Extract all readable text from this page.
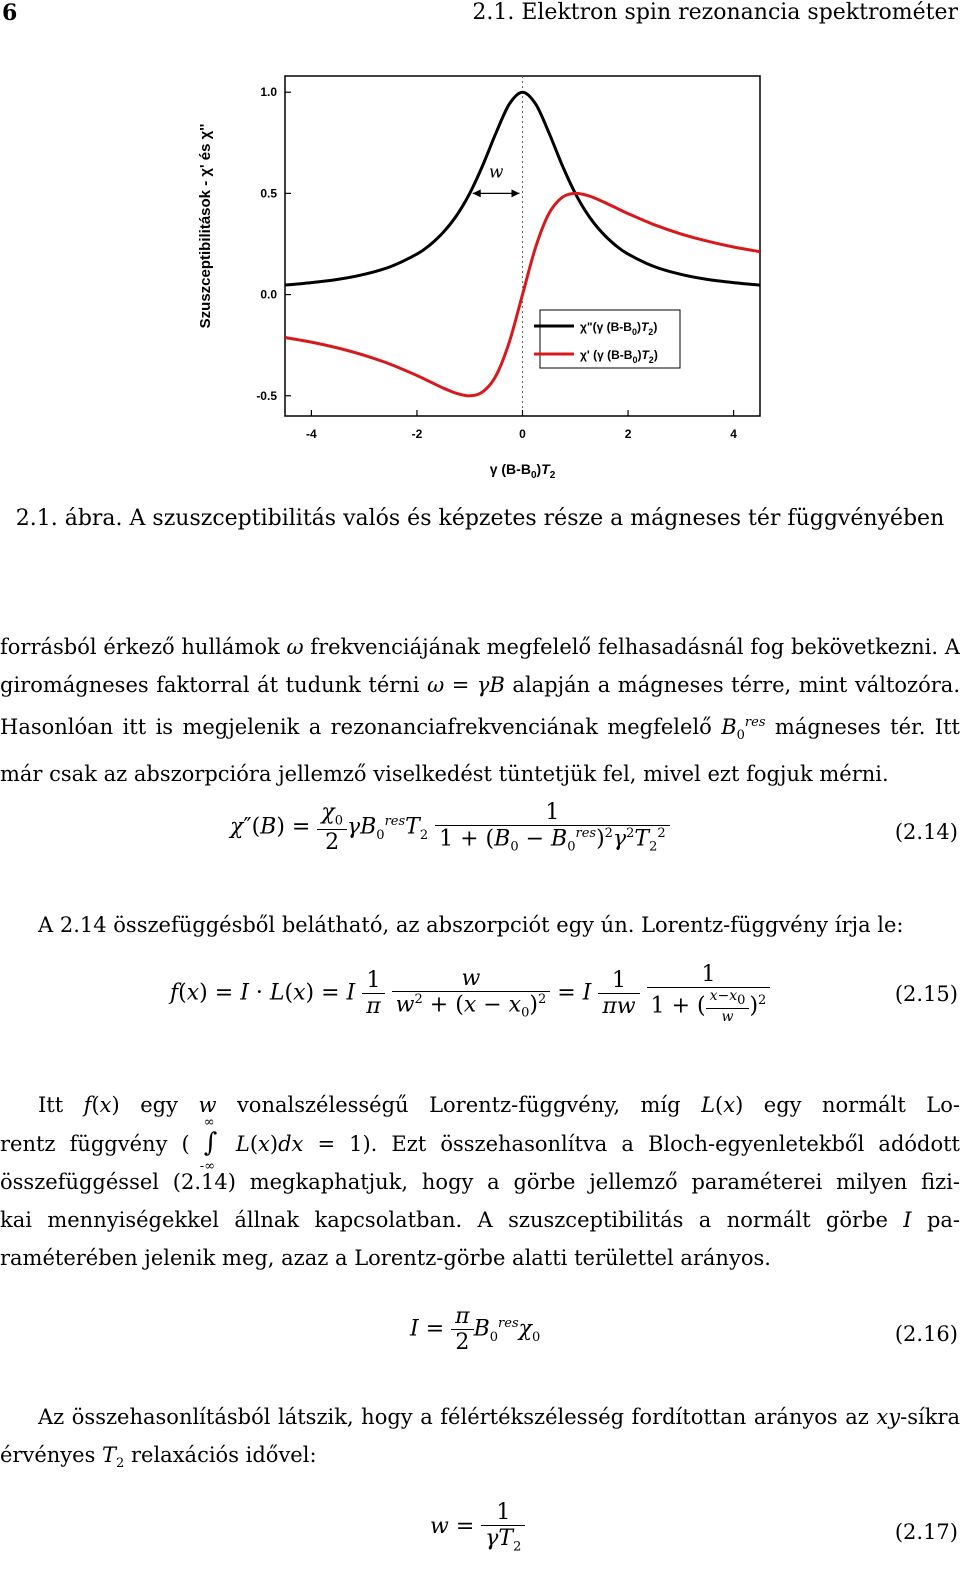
6	2.1. Elektron spin rezonancia spektrométer
-4	-2	0	2	4
1.0
0.5
0.0
-0.5
γ $(B-B_0)T_2$
Szuszceptibilitások - χ' és χ''	w
χ"(γ $(B-B_0)T_2$)
χ' (γ $(B-B_0)T_2$)
2.1. ábra. A szuszceptibilitás valós és képzetes része a mágneses tér függvényében
forrásból érkező hullámok ω frekvenciájának megfelelő felhasadásnál fog bekövetkezni. A
giromágneses faktorral át tudunk térni ω = γB alapján a mágneses térre, mint változóra.
Hasonlóan itt is megjelenik a rezonanciafrekvenciának megfelelő $B_0^{res}$ mágneses tér. Itt
már csak az abszorpcióra jellemző viselkedést tüntetjük fel, mivel ezt fogjuk mérni.
$\chi''(B) = \frac{\chi_0}{2} \gamma B_0^{res}T_2 \frac{1}{1 + (B_0 - B_0^{res})^2\gamma^2T_2^2}$	(2.14)
A 2.14 összefüggésből belátható, az abszorpciót egy ún. Lorentz-függvény írja le:
f(x) = I · L(x) = I $\frac{1}{\pi}$
$\frac{w}{w^2 + (x - x_0)^2} = I \frac{1}{\pi w}$
$\frac{1}{1 + ( \frac{x-x_0}{w} )^2}$	(2.15)
Itt f(x) egy w vonalszélességű Lorentz-függvény, míg L(x) egy normált Lo-
rentz függvény ( ∫
∞
-∞
L(x)dx = 1). Ezt összehasonlítva a Bloch-egyenletekből adódott
összefüggéssel (2.14) megkaphatjuk, hogy a görbe jellemző paraméterei milyen fizi-
kai mennyiségekkel állnak kapcsolatban. A szuszceptibilitás a normált görbe I pa-
raméterében jelenik meg, azaz a Lorentz-görbe alatti területtel arányos.
$I = \frac{\pi}{2} B_0^{res}\chi_0$	(2.16)
Az összehasonlításból látszik, hogy a félértékszélesség fordítottan arányos az xy-síkra
érvényes $T_2$ relaxációs idővel:
$w = \frac{1}{\gamma T_2}$	(2.17)
